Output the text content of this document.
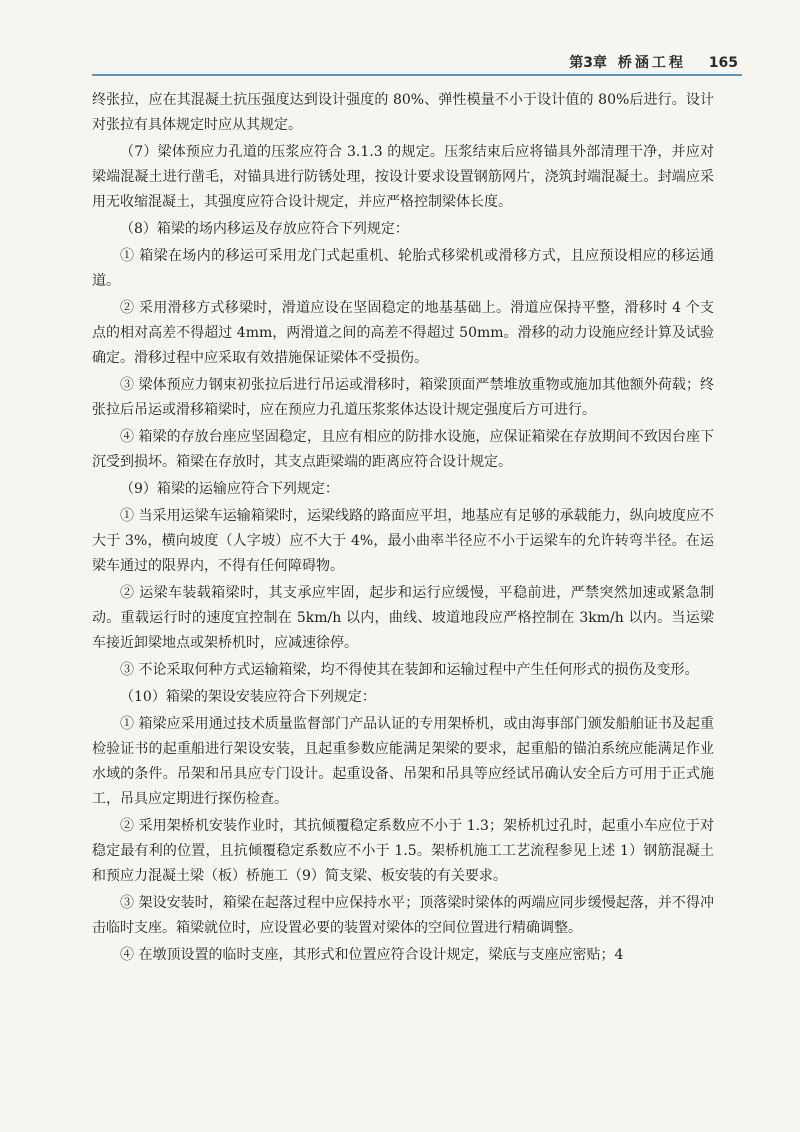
第3章 桥涵工程 165

终张拉，应在其混凝土抗压强度达到设计强度的 80%、弹性模量不小于设计值的 80%后进行。设计对张拉有具体规定时应从其规定。

（7）梁体预应力孔道的压浆应符合 3.1.3 的规定。压浆结束后应将锚具外部清理干净，并应对梁端混凝土进行凿毛，对锚具进行防锈处理，按设计要求设置钢筋网片，浇筑封端混凝土。封端应采用无收缩混凝土，其强度应符合设计规定，并应严格控制梁体长度。

（8）箱梁的场内移运及存放应符合下列规定：

① 箱梁在场内的移运可采用龙门式起重机、轮胎式移梁机或滑移方式，且应预设相应的移运通道。

② 采用滑移方式移梁时，滑道应设在坚固稳定的地基基础上。滑道应保持平整，滑移时 4 个支点的相对高差不得超过 4mm，两滑道之间的高差不得超过 50mm。滑移的动力设施应经计算及试验确定。滑移过程中应采取有效措施保证梁体不受损伤。

③ 梁体预应力钢束初张拉后进行吊运或滑移时，箱梁顶面严禁堆放重物或施加其他额外荷载；终张拉后吊运或滑移箱梁时，应在预应力孔道压浆浆体达设计规定强度后方可进行。

④ 箱梁的存放台座应坚固稳定，且应有相应的防排水设施，应保证箱梁在存放期间不致因台座下沉受到损坏。箱梁在存放时，其支点距梁端的距离应符合设计规定。

（9）箱梁的运输应符合下列规定：

① 当采用运梁车运输箱梁时，运梁线路的路面应平坦，地基应有足够的承载能力，纵向坡度应不大于 3%，横向坡度（人字坡）应不大于 4%，最小曲率半径应不小于运梁车的允许转弯半径。在运梁车通过的限界内，不得有任何障碍物。

② 运梁车装载箱梁时，其支承应牢固，起步和运行应缓慢，平稳前进，严禁突然加速或紧急制动。重载运行时的速度宜控制在 5km/h 以内，曲线、坡道地段应严格控制在 3km/h 以内。当运梁车接近卸梁地点或架桥机时，应减速徐停。

③ 不论采取何种方式运输箱梁，均不得使其在装卸和运输过程中产生任何形式的损伤及变形。

（10）箱梁的架设安装应符合下列规定：

① 箱梁应采用通过技术质量监督部门产品认证的专用架桥机，或由海事部门颁发船舶证书及起重检验证书的起重船进行架设安装，且起重参数应能满足架梁的要求，起重船的锚泊系统应能满足作业水域的条件。吊架和吊具应专门设计。起重设备、吊架和吊具等应经试吊确认安全后方可用于正式施工，吊具应定期进行探伤检查。

② 采用架桥机安装作业时，其抗倾覆稳定系数应不小于 1.3；架桥机过孔时，起重小车应位于对稳定最有利的位置，且抗倾覆稳定系数应不小于 1.5。架桥机施工工艺流程参见上述 1）钢筋混凝土和预应力混凝土梁（板）桥施工（9）简支梁、板安装的有关要求。

③ 架设安装时，箱梁在起落过程中应保持水平；顶落梁时梁体的两端应同步缓慢起落，并不得冲击临时支座。箱梁就位时，应设置必要的装置对梁体的空间位置进行精确调整。

④ 在墩顶设置的临时支座，其形式和位置应符合设计规定，梁底与支座应密贴；4
